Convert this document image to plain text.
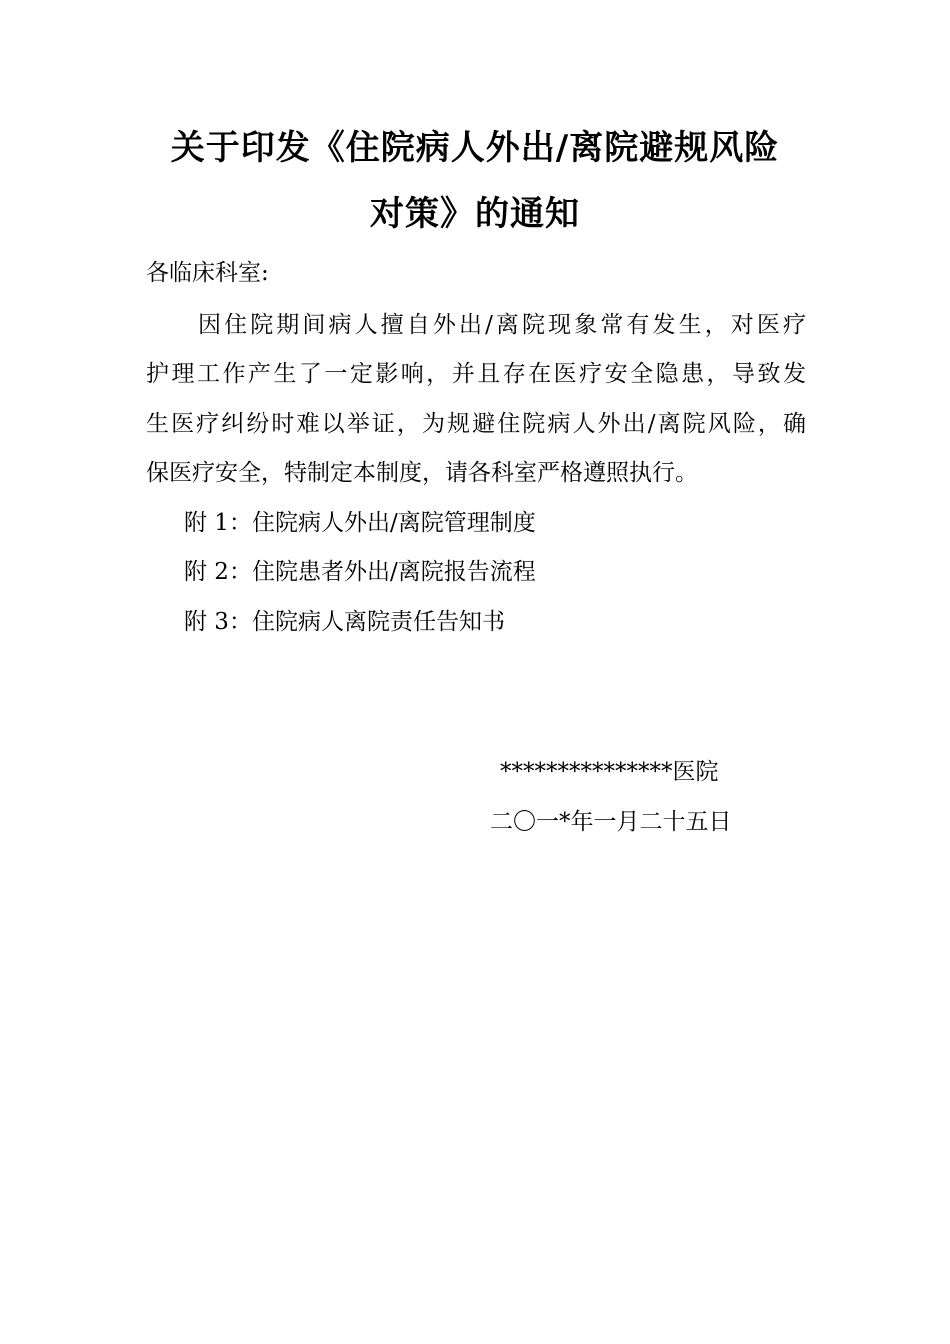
关于印发《住院病人外出/离院避规风险
对策》的通知
各临床科室:
因住院期间病人擅自外出/离院现象常有发生，对医疗
护理工作产生了一定影响，并且存在医疗安全隐患，导致发
生医疗纠纷时难以举证，为规避住院病人外出/离院风险，确
保医疗安全，特制定本制度，请各科室严格遵照执行。
附 1：住院病人外出/离院管理制度
附 2：住院患者外出/离院报告流程
附 3：住院病人离院责任告知书
***************医院
二〇一*年一月二十五日
